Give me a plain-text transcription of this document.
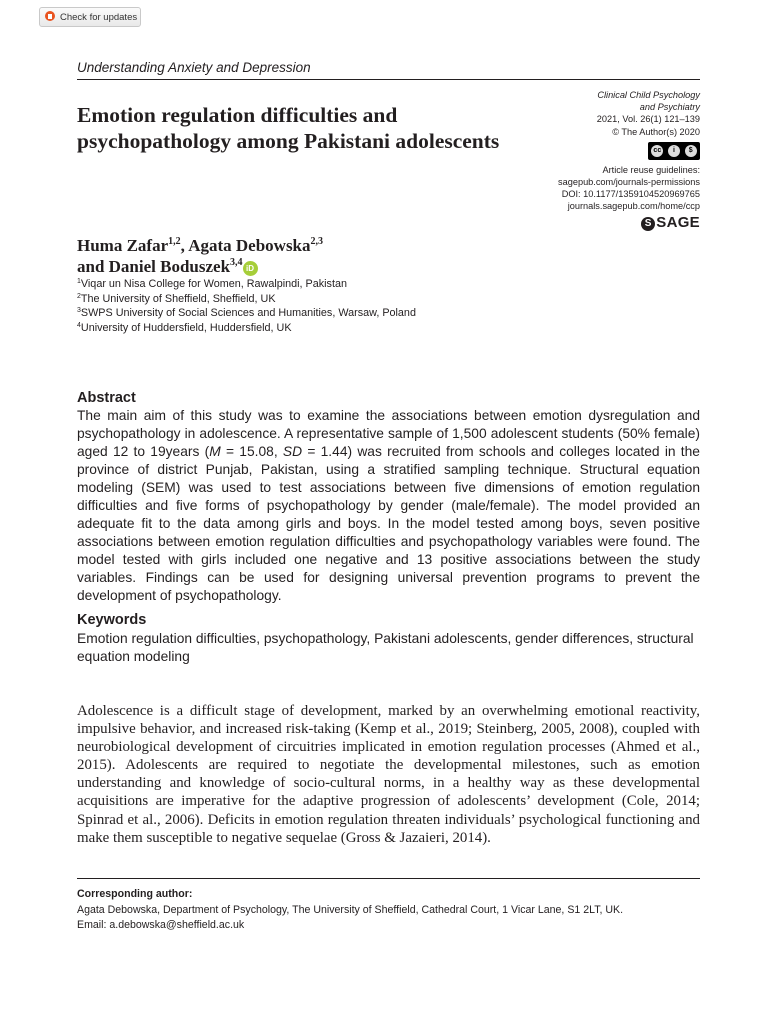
Check for updates
Understanding Anxiety and Depression
Emotion regulation difficulties and psychopathology among Pakistani adolescents
Clinical Child Psychology
and Psychiatry
2021, Vol. 26(1) 121–139
© The Author(s) 2020
cc	i	$
Article reuse guidelines:
sagepub.com/journals-permissions
DOI: 10.1177/1359104520969765
journals.sagepub.com/home/ccp
S SAGE
Huma Zafar$^{1,2}$, Agata Debowska$^{2,3}$
and Daniel Boduszek$^{3,4}$iD
$^1$Viqar un Nisa College for Women, Rawalpindi, Pakistan
$^2$The University of Sheffield, Sheffield, UK
$^3$SWPS University of Social Sciences and Humanities, Warsaw, Poland
$^4$University of Huddersfield, Huddersfield, UK
Abstract

The main aim of this study was to examine the associations between emotion dysregulation and psychopathology in adolescence. A representative sample of 1,500 adolescent students (50% female) aged 12 to 19years (M = 15.08, SD = 1.44) was recruited from schools and colleges located in the province of district Punjab, Pakistan, using a stratified sampling technique. Structural equation modeling (SEM) was used to test associations between five dimensions of emotion regulation difficulties and five forms of psychopathology by gender (male/female). The model provided an adequate fit to the data among girls and boys. In the model tested among boys, seven positive associations between emotion regulation difficulties and psychopathology variables were found. The model tested with girls included one negative and 13 positive associations between the study variables. Findings can be used for designing universal prevention programs to prevent the development of psychopathology.

Keywords

Emotion regulation difficulties, psychopathology, Pakistani adolescents, gender differences, structural equation modeling

Adolescence is a difficult stage of development, marked by an overwhelming emotional reactivity, impulsive behavior, and increased risk-taking (Kemp et al., 2019; Steinberg, 2005, 2008), coupled with neurobiological development of circuitries implicated in emotion regulation processes (Ahmed et al., 2015). Adolescents are required to negotiate the developmental milestones, such as emotion understanding and knowledge of socio-cultural norms, in a healthy way as these developmental acquisitions are imperative for the adaptive progression of adolescents’ development (Cole, 2014; Spinrad et al., 2006). Deficits in emotion regulation threaten individuals’ psychological functioning and make them susceptible to negative sequelae (Gross & Jazaieri, 2014).

Corresponding author:
Agata Debowska, Department of Psychology, The University of Sheffield, Cathedral Court, 1 Vicar Lane, S1 2LT, UK.
Email: a.debowska@sheffield.ac.uk
